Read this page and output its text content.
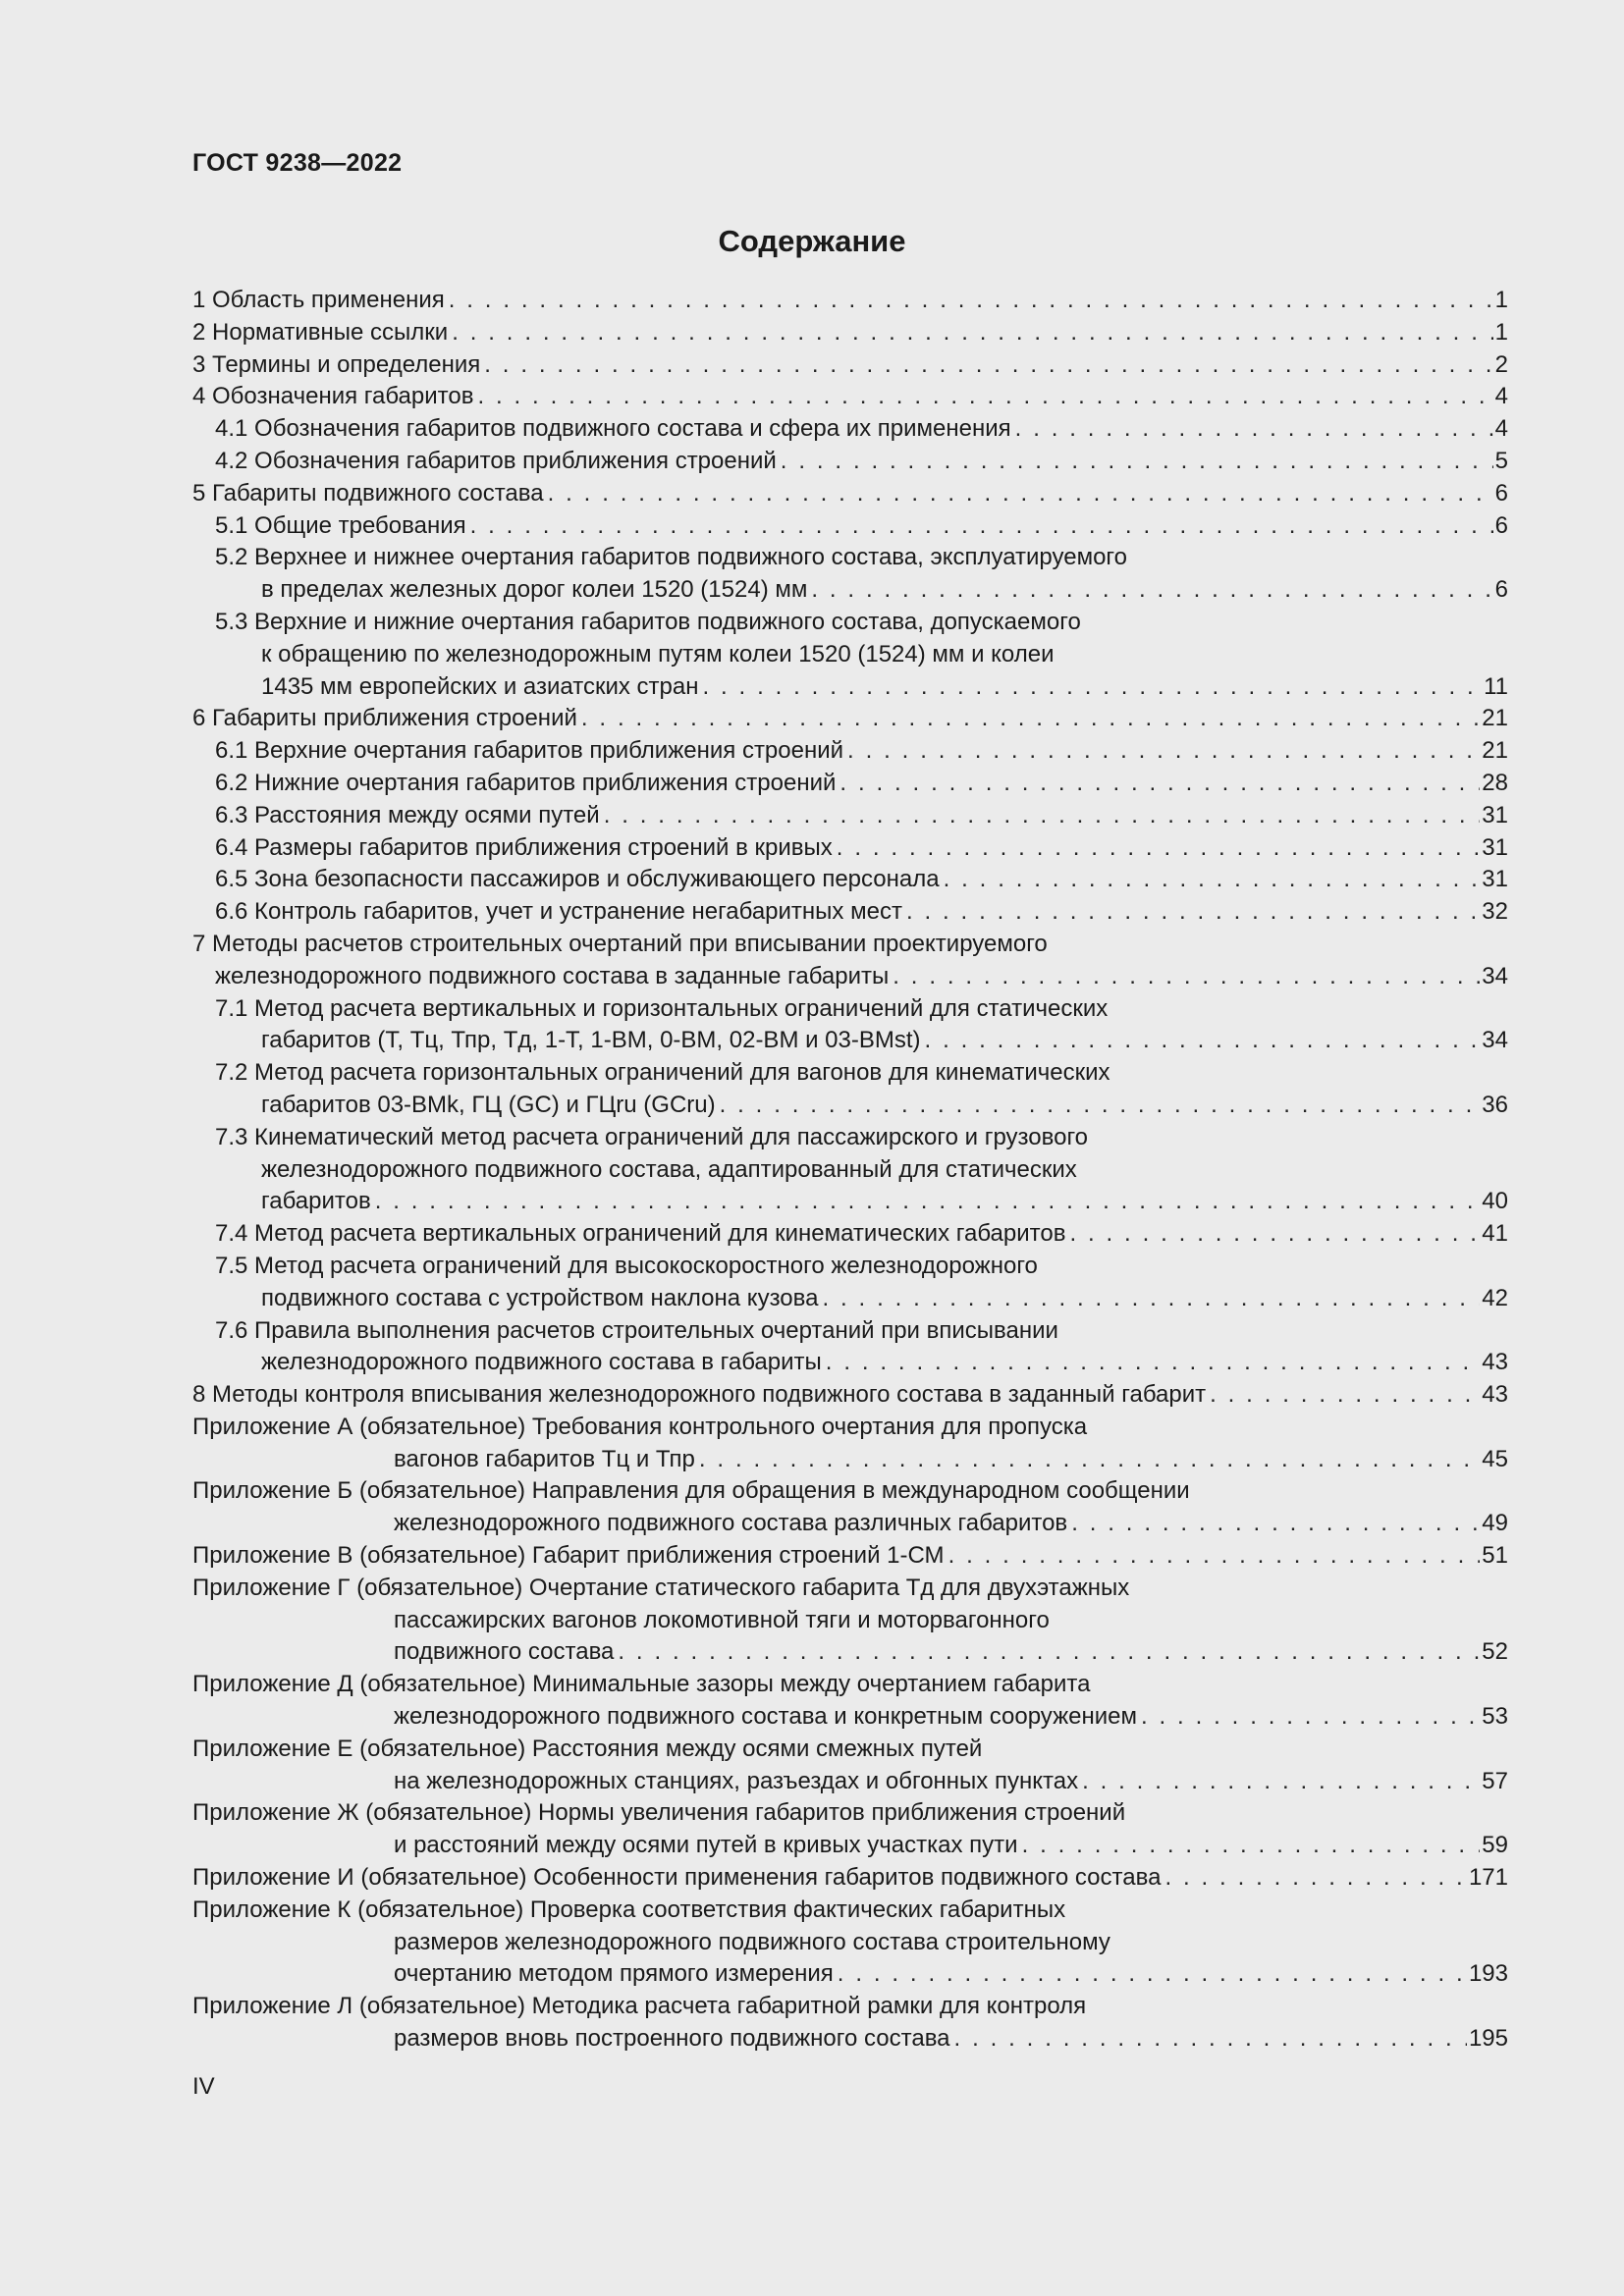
ГОСТ 9238—2022
Содержание
1 Область применения . . .	1
2 Нормативные ссылки . . .	1
3 Термины и определения . . .	2
4 Обозначения габаритов . . .	4
4.1 Обозначения габаритов подвижного состава и сфера их применения . . .	4
4.2 Обозначения габаритов приближения строений . . .	5
5 Габариты подвижного состава . . .	6
5.1 Общие требования . . .	6
5.2 Верхнее и нижнее очертания габаритов подвижного состава, эксплуатируемого
в пределах железных дорог колеи 1520 (1524) мм . . .	6
5.3 Верхние и нижние очертания габаритов подвижного состава, допускаемого
к обращению по железнодорожным путям колеи 1520 (1524) мм и колеи
1435 мм европейских и азиатских стран . . .	11
6 Габариты приближения строений . . .	21
6.1 Верхние очертания габаритов приближения строений . . .	21
6.2 Нижние очертания габаритов приближения строений . . .	28
6.3 Расстояния между осями путей . . .	31
6.4 Размеры габаритов приближения строений в кривых . . .	31
6.5 Зона безопасности пассажиров и обслуживающего персонала . . .	31
6.6 Контроль габаритов, учет и устранение негабаритных мест . . .	32
7 Методы расчетов строительных очертаний при вписывании проектируемого
железнодорожного подвижного состава в заданные габариты . . .	34
7.1 Метод расчета вертикальных и горизонтальных ограничений для статических
габаритов (Т, Тц, Тпр, Тд, 1-Т, 1-ВМ, 0-ВМ, 02-ВМ и 03-ВМst) . . .	34
7.2 Метод расчета горизонтальных ограничений для вагонов для кинематических
габаритов 03-ВМk, ГЦ (GC) и ГЦru (GCru) . . .	36
7.3 Кинематический метод расчета ограничений для пассажирского и грузового
железнодорожного подвижного состава, адаптированный для статических
габаритов . . .	40
7.4 Метод расчета вертикальных ограничений для кинематических габаритов . . .	41
7.5 Метод расчета ограничений для высокоскоростного железнодорожного
подвижного состава с устройством наклона кузова . . .	42
7.6 Правила выполнения расчетов строительных очертаний при вписывании
железнодорожного подвижного состава в габариты . . .	43
8 Методы контроля вписывания железнодорожного подвижного состава в заданный габарит . . .	43
Приложение А (обязательное) Требования контрольного очертания для пропуска
вагонов габаритов Тц и Тпр . . .	45
Приложение Б (обязательное) Направления для обращения в международном сообщении
железнодорожного подвижного состава различных габаритов . . .	49
Приложение В (обязательное) Габарит приближения строений 1-СМ . . .	51
Приложение Г (обязательное) Очертание статического габарита Тд для двухэтажных
пассажирских вагонов локомотивной тяги и моторвагонного
подвижного состава . . .	52
Приложение Д (обязательное) Минимальные зазоры между очертанием габарита
железнодорожного подвижного состава и конкретным сооружением . . .	53
Приложение Е (обязательное) Расстояния между осями смежных путей
на железнодорожных станциях, разъездах и обгонных пунктах . . .	57
Приложение Ж (обязательное) Нормы увеличения габаритов приближения строений
и расстояний между осями путей в кривых участках пути . . .	59
Приложение И (обязательное) Особенности применения габаритов подвижного состава . . .	171
Приложение К (обязательное) Проверка соответствия фактических габаритных
размеров железнодорожного подвижного состава строительному
очертанию методом прямого измерения . . .	193
Приложение Л (обязательное) Методика расчета габаритной рамки для контроля
размеров вновь построенного подвижного состава . . .	195
IV
